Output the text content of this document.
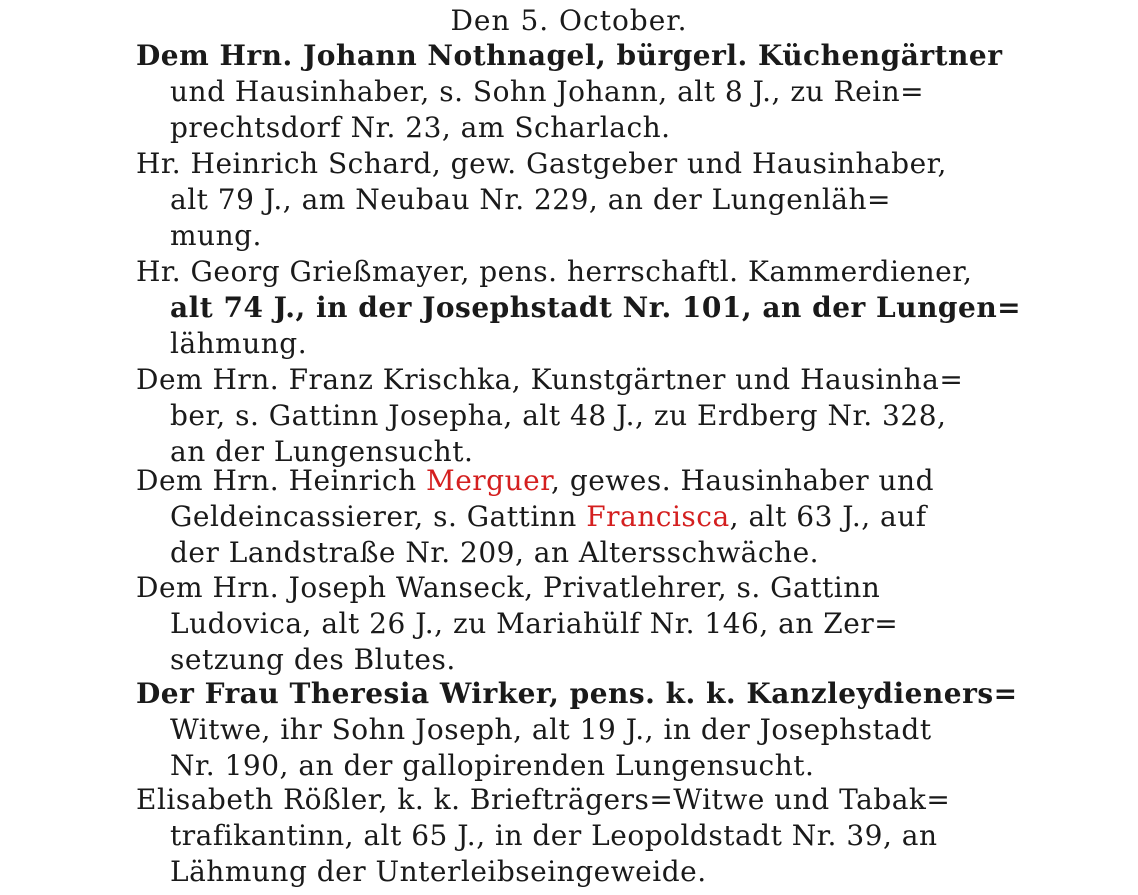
Den 5. October.
Dem Hrn. Johann Nothnagel, bürgerl. Küchengärtner
und Hausinhaber, s. Sohn Johann, alt 8 J., zu Rein=
prechtsdorf Nr. 23, am Scharlach.
Hr. Heinrich Schard, gew. Gastgeber und Hausinhaber,
alt 79 J., am Neubau Nr. 229, an der Lungenläh=
mung.
Hr. Georg Grießmayer, pens. herrschaftl. Kammerdiener,
alt 74 J., in der Josephstadt Nr. 101, an der Lungen=
lähmung.
Dem Hrn. Franz Krischka, Kunstgärtner und Hausinha=
ber, s. Gattinn Josepha, alt 48 J., zu Erdberg Nr. 328,
an der Lungensucht.
Dem Hrn. Heinrich Merguer, gewes. Hausinhaber und
Geldeincassierer, s. Gattinn Francisca, alt 63 J., auf
der Landstraße Nr. 209, an Altersschwäche.
Dem Hrn. Joseph Wanseck, Privatlehrer, s. Gattinn
Ludovica, alt 26 J., zu Mariahülf Nr. 146, an Zer=
setzung des Blutes.
Der Frau Theresia Wirker, pens. k. k. Kanzleydieners=
Witwe, ihr Sohn Joseph, alt 19 J., in der Josephstadt
Nr. 190, an der gallopirenden Lungensucht.
Elisabeth Rößler, k. k. Briefträgers=Witwe und Tabak=
trafikantinn, alt 65 J., in der Leopoldstadt Nr. 39, an
Lähmung der Unterleibseingeweide.
